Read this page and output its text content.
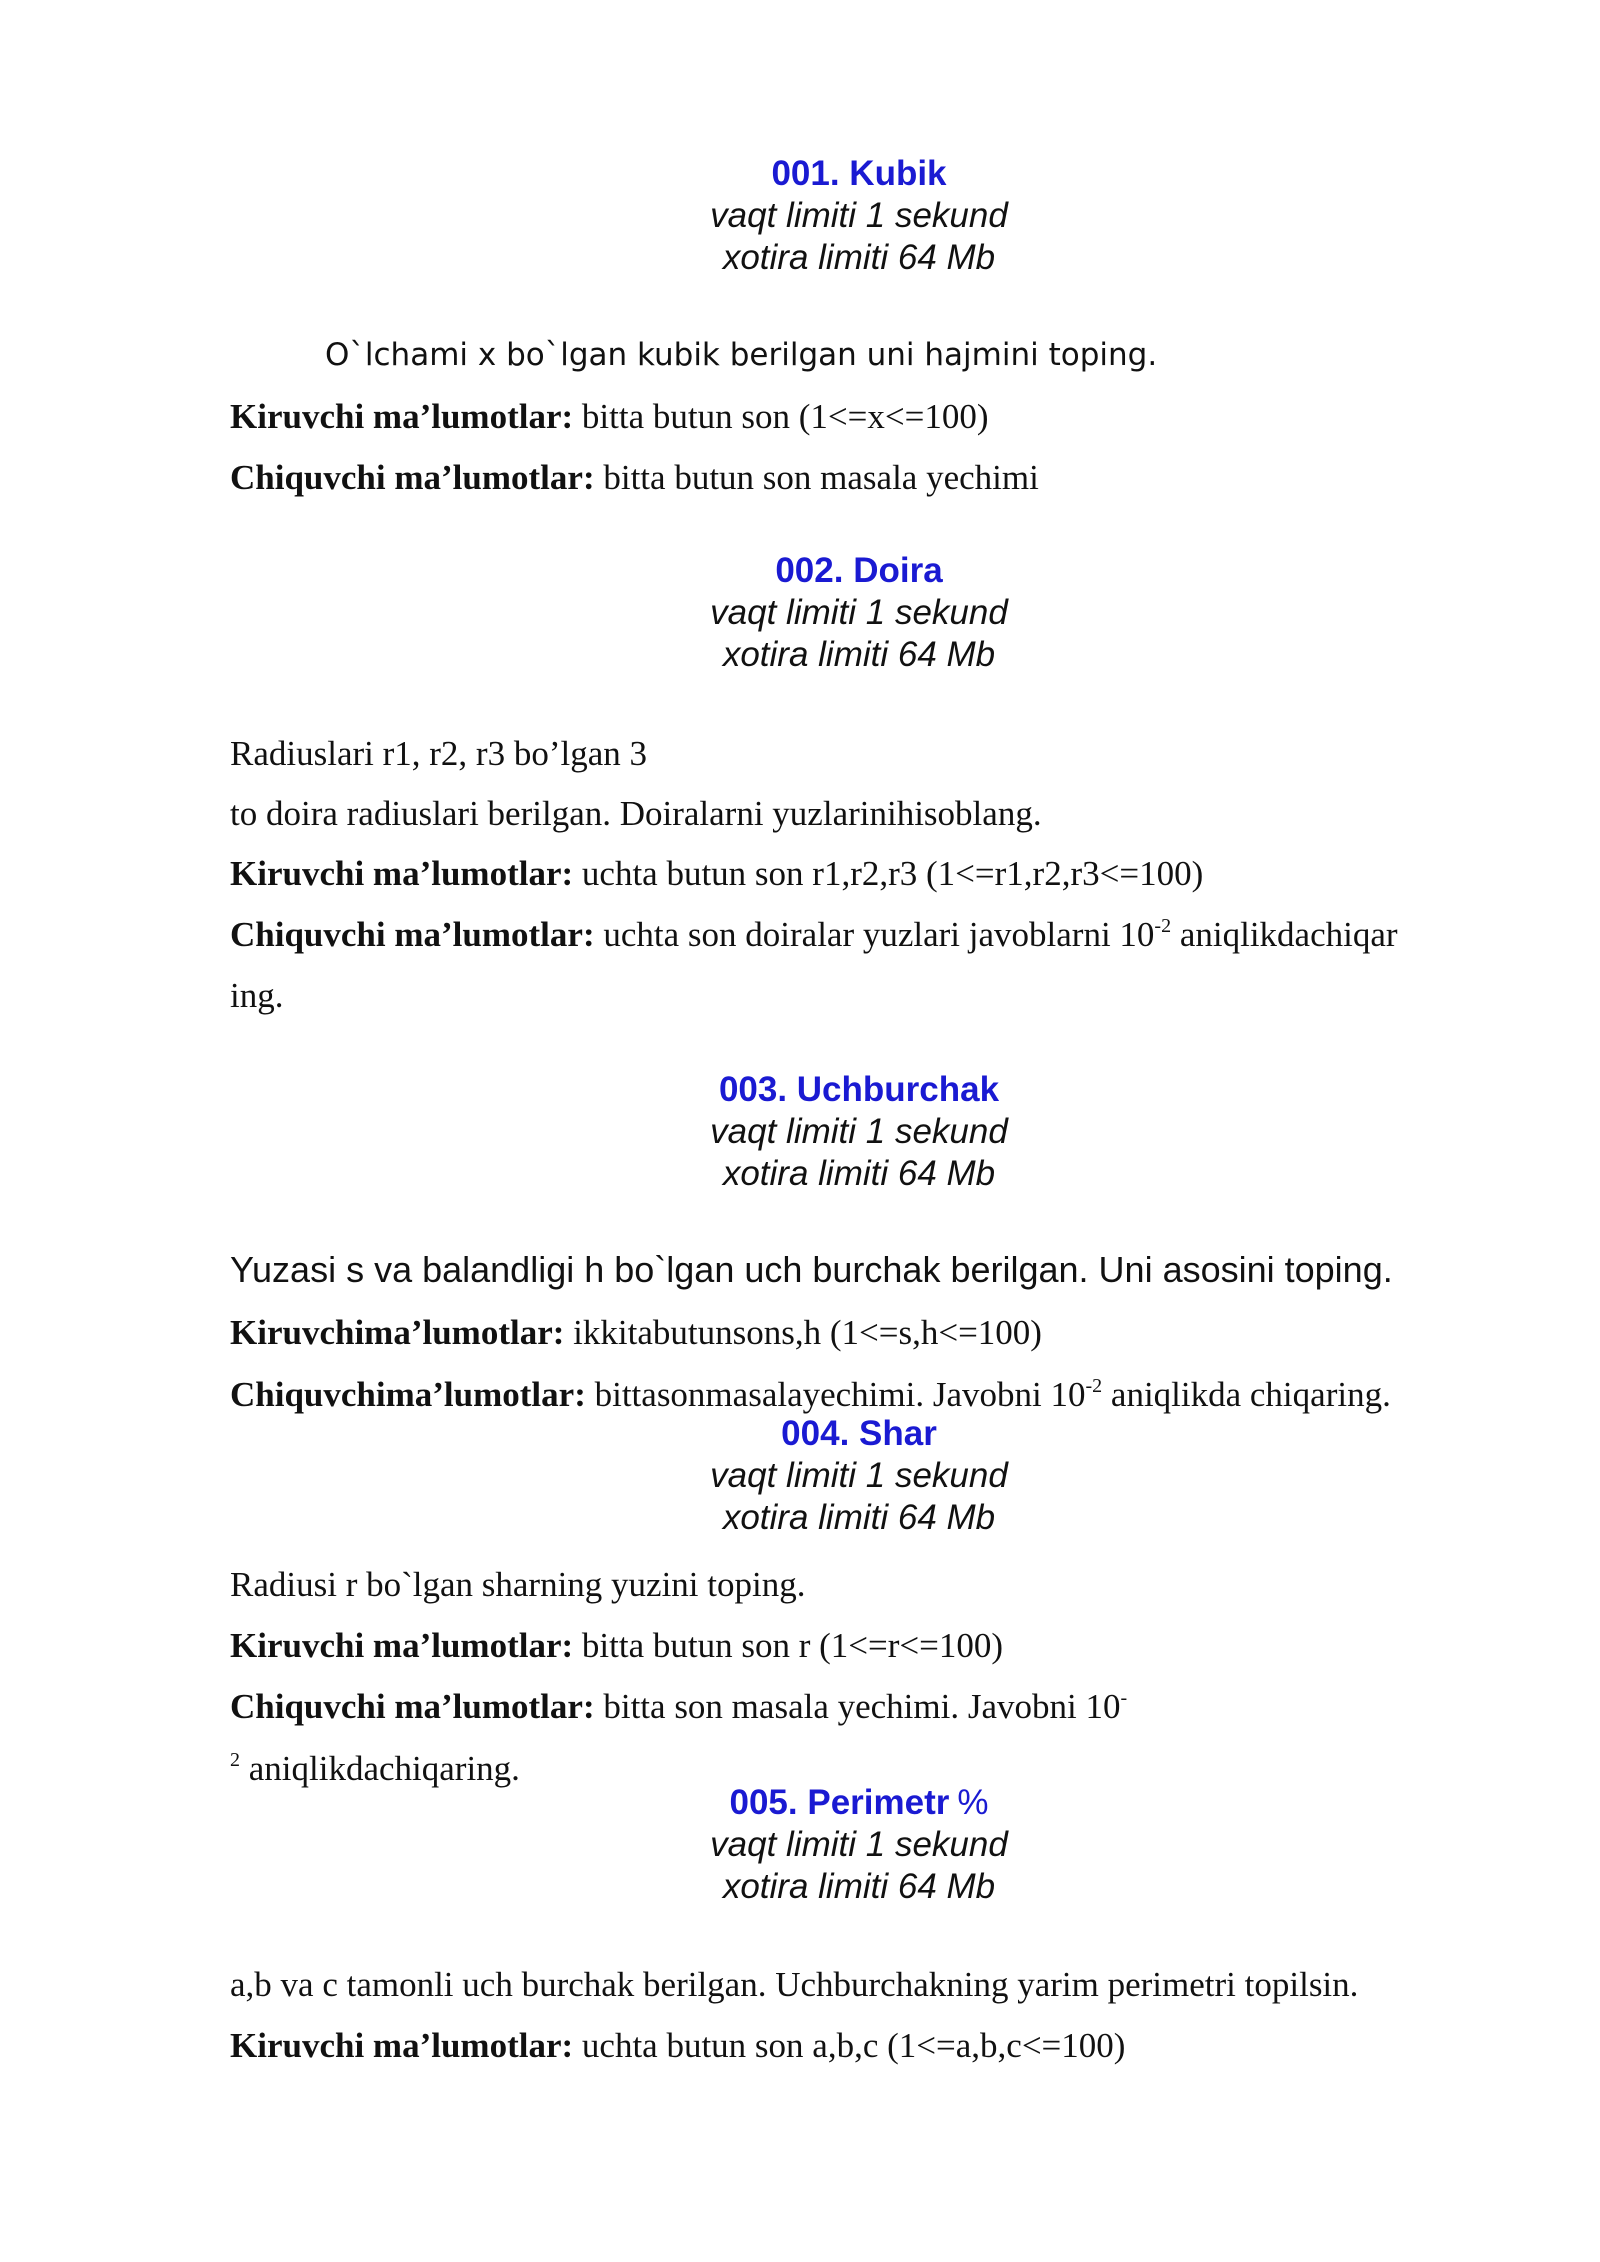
001. Kubik
vaqt limiti 1 sekund
xotira limiti 64 Mb
O`lchami x bo`lgan kubik berilgan uni hajmini toping.
Kiruvchi ma’lumotlar: bitta butun son (1<=x<=100)
Chiquvchi ma’lumotlar: bitta butun son masala yechimi
002. Doira
vaqt limiti 1 sekund
xotira limiti 64 Mb
Radiuslari r1, r2, r3 bo’lgan 3
to doira radiuslari berilgan. Doiralarni yuzlarinihisoblang.
Kiruvchi ma’lumotlar: uchta butun son r1,r2,r3 (1<=r1,r2,r3<=100)
Chiquvchi ma’lumotlar: uchta son doiralar yuzlari javoblarni $10^{-2}$ aniqlikdachiqar
ing.
003. Uchburchak
vaqt limiti 1 sekund
xotira limiti 64 Mb
Yuzasi s va balandligi h bo`lgan uch burchak berilgan. Uni asosini toping.
Kiruvchima’lumotlar: ikkitabutunsons,h (1<=s,h<=100)
Chiquvchima’lumotlar: bittasonmasalayechimi. Javobni $10^{-2}$ aniqlikda chiqaring.
004. Shar
vaqt limiti 1 sekund
xotira limiti 64 Mb
Radiusi r bo`lgan sharning yuzini toping.
Kiruvchi ma’lumotlar: bitta butun son r (1<=r<=100)
Chiquvchi ma’lumotlar: bitta son masala yechimi. Javobni 10-
$^2$ aniqlikdachiqaring.
005. Perimetr %
vaqt limiti 1 sekund
xotira limiti 64 Mb
a,b va c tamonli uch burchak berilgan. Uchburchakning yarim perimetri topilsin.
Kiruvchi ma’lumotlar: uchta butun son a,b,c (1<=a,b,c<=100)
